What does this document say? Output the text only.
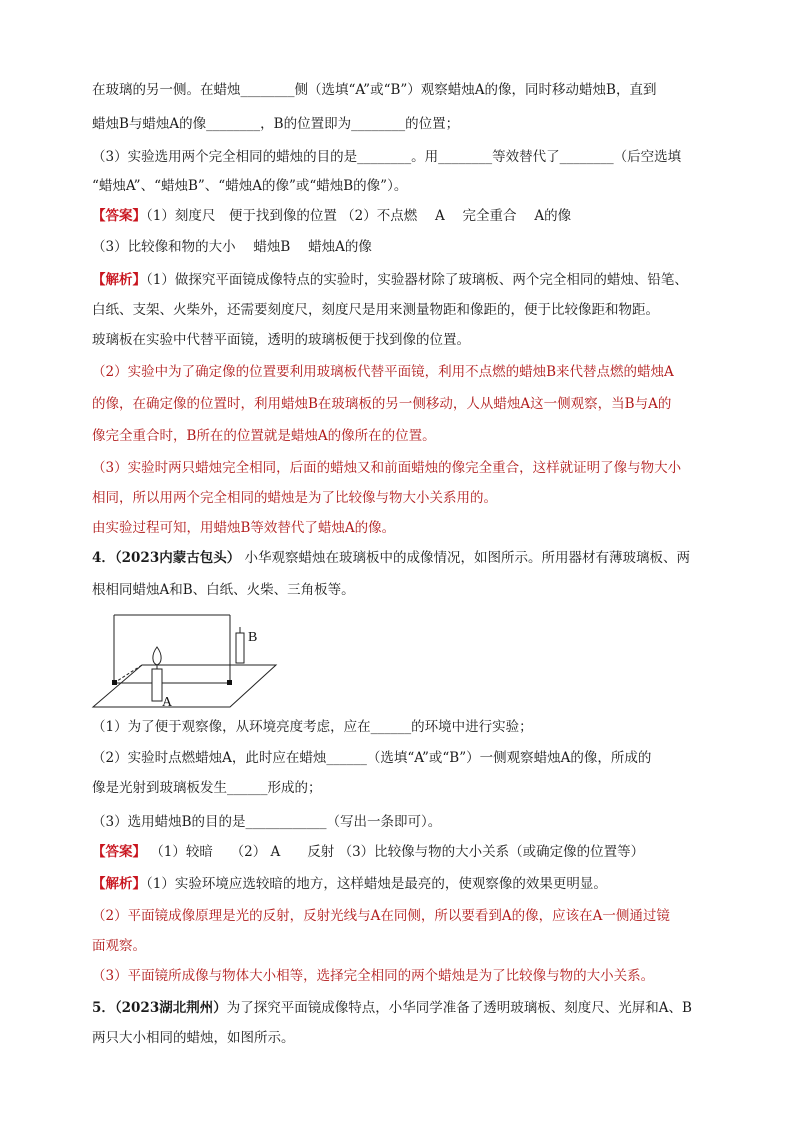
在玻璃的另一侧。在蜡烛________侧（选填“A”或“B”）观察蜡烛A的像，同时移动蜡烛B，直到
蜡烛B与蜡烛A的像________，B的位置即为________的位置；
（3）实验选用两个完全相同的蜡烛的目的是________。用________等效替代了________（后空选填
“蜡烛A”、“蜡烛B”、“蜡烛A的像”或“蜡烛B的像”）。
【答案】（1）刻度尺　便于找到像的位置 （2）不点燃　 A　 完全重合　 A的像
（3）比较像和物的大小　 蜡烛B　 蜡烛A的像
【解析】（1）做探究平面镜成像特点的实验时，实验器材除了玻璃板、两个完全相同的蜡烛、铅笔、
白纸、支架、火柴外，还需要刻度尺，刻度尺是用来测量物距和像距的，便于比较像距和物距。
玻璃板在实验中代替平面镜，透明的玻璃板便于找到像的位置。
（2）实验中为了确定像的位置要利用玻璃板代替平面镜，利用不点燃的蜡烛B来代替点燃的蜡烛A
的像，在确定像的位置时，利用蜡烛B在玻璃板的另一侧移动，人从蜡烛A这一侧观察，当B与A的
像完全重合时，B所在的位置就是蜡烛A的像所在的位置。
（3）实验时两只蜡烛完全相同，后面的蜡烛又和前面蜡烛的像完全重合，这样就证明了像与物大小
相同，所以用两个完全相同的蜡烛是为了比较像与物大小关系用的。
由实验过程可知，用蜡烛B等效替代了蜡烛A的像。
4．（2023内蒙古包头） 小华观察蜡烛在玻璃板中的成像情况，如图所示。所用器材有薄玻璃板、两
根相同蜡烛A和B、白纸、火柴、三角板等。
A
B
（1）为了便于观察像，从环境亮度考虑，应在______的环境中进行实验；
（2）实验时点燃蜡烛A，此时应在蜡烛______（选填“A”或“B”）一侧观察蜡烛A的像，所成的
像是光射到玻璃板发生______形成的；
（3）选用蜡烛B的目的是____________（写出一条即可）。
【答案】 （1）较暗　 （2） A　　反射 （3）比较像与物的大小关系（或确定像的位置等）
【解析】（1）实验环境应选较暗的地方，这样蜡烛是最亮的，使观察像的效果更明显。
（2）平面镜成像原理是光的反射，反射光线与A在同侧，所以要看到A的像，应该在A一侧通过镜
面观察。
（3）平面镜所成像与物体大小相等，选择完全相同的两个蜡烛是为了比较像与物的大小关系。
5．（2023湖北荆州）为了探究平面镜成像特点，小华同学准备了透明玻璃板、刻度尺、光屏和A、B
两只大小相同的蜡烛，如图所示。
